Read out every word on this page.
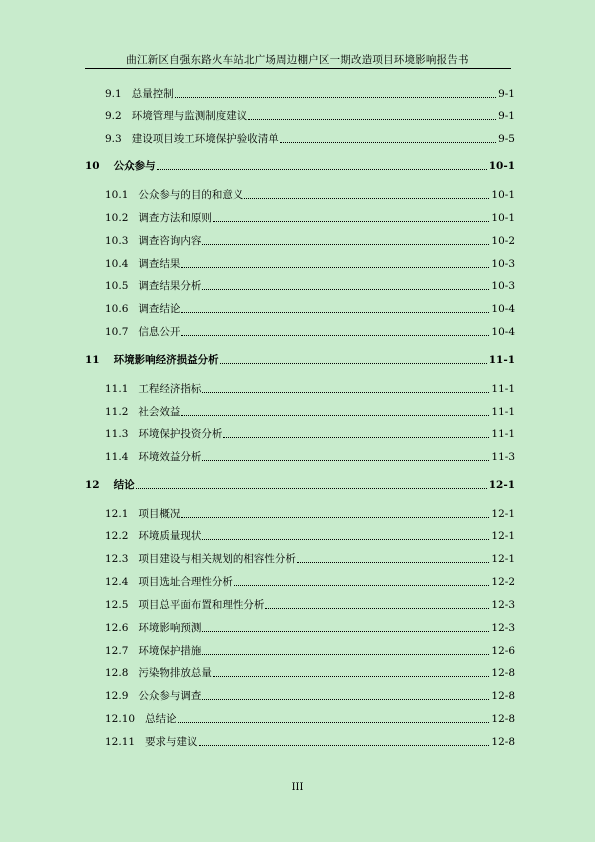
曲江新区自强东路火车站北广场周边棚户区一期改造项目环境影响报告书
9.1 总量控制	9-1
9.2 环境管理与监测制度建议	9-1
9.3 建设项目竣工环境保护验收清单	9-5
10 公众参与	10-1
10.1 公众参与的目的和意义	10-1
10.2 调查方法和原则	10-1
10.3 调查咨询内容	10-2
10.4 调查结果	10-3
10.5 调查结果分析	10-3
10.6 调查结论	10-4
10.7 信息公开	10-4
11 环境影响经济损益分析	11-1
11.1 工程经济指标	11-1
11.2 社会效益	11-1
11.3 环境保护投资分析	11-1
11.4 环境效益分析	11-3
12 结论	12-1
12.1 项目概况	12-1
12.2 环境质量现状	12-1
12.3 项目建设与相关规划的相容性分析	12-1
12.4 项目选址合理性分析	12-2
12.5 项目总平面布置和理性分析	12-3
12.6 环境影响预测	12-3
12.7 环境保护措施	12-6
12.8 污染物排放总量	12-8
12.9 公众参与调查	12-8
12.10 总结论	12-8
12.11 要求与建议	12-8
III
